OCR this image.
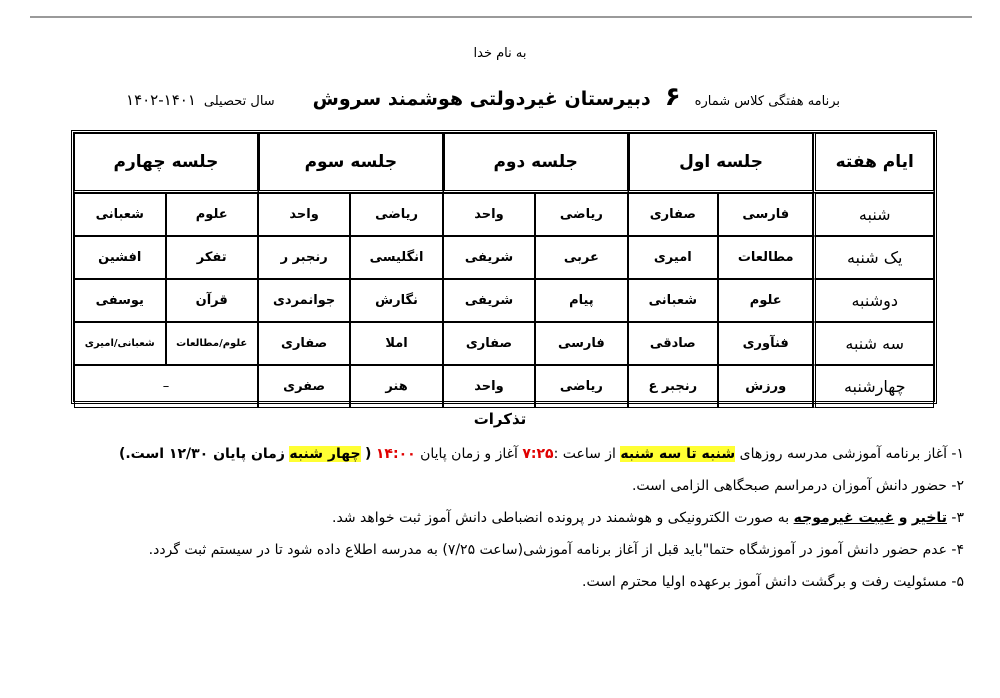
به نام خدا
برنامه هفتگی کلاس شماره
۶
دبیرستان غیردولتی هوشمند سروش
سال تحصیلی
۱۴۰۲-۱۴۰۱
ایام هفته	جلسه اول		جلسه دوم		جلسه سوم		جلسه چهارم	
شنبه	فارسی	صفاری	ریاضی	واحد	ریاضی	واحد	علوم	شعبانی
یک شنبه	مطالعات	امیری	عربی	شریفی	انگلیسی	رنجبر ر	تفکر	افشین
دوشنبه	علوم	شعبانی	پیام	شریفی	نگارش	جوانمردی	قرآن	یوسفی
سه شنبه	فنآوری	صادقی	فارسی	صفاری	املا	صفاری	علوم/مطالعات	شعبانی/امیری
چهارشنبه	ورزش	رنجبر ع	ریاضی	واحد	هنر	صفری	–	
تذکرات
۱- آغاز برنامه آموزشی مدرسه روزهای شنبه تا سه شنبه از ساعت :۷:۲۵ آغاز و زمان پایان ۱۴:۰۰ ( چهار شنبه زمان پایان ۱۲/۳۰ است.)
۲- حضور دانش آموزان درمراسم صبحگاهی الزامی است.
۳- تاخیر و غیبت غیرموجه به صورت الکترونیکی و هوشمند در پرونده انضباطی دانش آموز ثبت خواهد شد.
۴- عدم حضور دانش آموز در آموزشگاه حتما"باید قبل از آغاز برنامه آموزشی(ساعت ۷/۲۵) به مدرسه اطلاع داده شود تا در سیستم ثبت گردد.
۵- مسئولیت رفت و برگشت دانش آموز برعهده اولیا محترم است.
